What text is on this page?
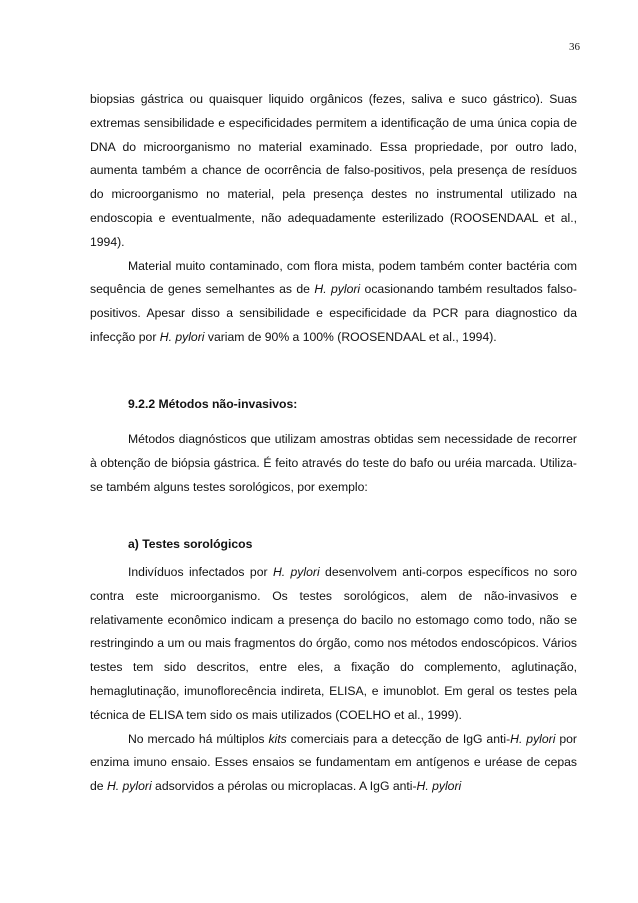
36

biopsias gástrica ou quaisquer liquido orgânicos (fezes, saliva e suco gástrico). Suas extremas sensibilidade e especificidades permitem a identificação de uma única copia de DNA do microorganismo no material examinado. Essa propriedade, por outro lado, aumenta também a chance de ocorrência de falso-positivos, pela presença de resíduos do microorganismo no material, pela presença destes no instrumental utilizado na endoscopia e eventualmente, não adequadamente esterilizado (ROOSENDAAL et al., 1994).

Material muito contaminado, com flora mista, podem também conter bactéria com sequência de genes semelhantes as de H. pylori ocasionando também resultados falso-positivos. Apesar disso a sensibilidade e especificidade da PCR para diagnostico da infecção por H. pylori variam de 90% a 100% (ROOSENDAAL et al., 1994).

9.2.2 Métodos não-invasivos:

Métodos diagnósticos que utilizam amostras obtidas sem necessidade de recorrer à obtenção de biópsia gástrica. É feito através do teste do bafo ou uréia marcada. Utiliza-se também alguns testes sorológicos, por exemplo:

a) Testes sorológicos

Indivíduos infectados por H. pylori desenvolvem anti-corpos específicos no soro contra este microorganismo. Os testes sorológicos, alem de não-invasivos e relativamente econômico indicam a presença do bacilo no estomago como todo, não se restringindo a um ou mais fragmentos do órgão, como nos métodos endoscópicos. Vários testes tem sido descritos, entre eles, a fixação do complemento, aglutinação, hemaglutinação, imunoflorecência indireta, ELISA, e imunoblot. Em geral os testes pela técnica de ELISA tem sido os mais utilizados (COELHO et al., 1999).

No mercado há múltiplos kits comerciais para a detecção de IgG anti-H. pylori por enzima imuno ensaio. Esses ensaios se fundamentam em antígenos e uréase de cepas de H. pylori adsorvidos a pérolas ou microplacas. A IgG anti-H. pylori
